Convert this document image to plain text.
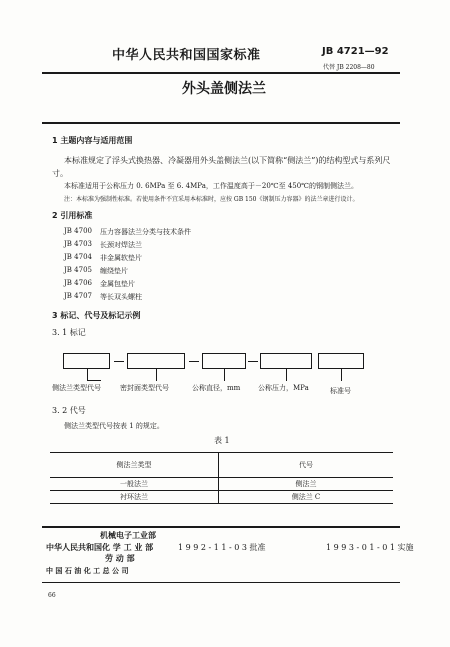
中华人民共和国国家标准	JB 4721—92
代替 JB 2208—80
外头盖侧法兰
1 主题内容与适用范围
本标准规定了浮头式换热器、冷凝器用外头盖侧法兰(以下简称“侧法兰”)的结构型式与系列尺
寸。
本标准适用于公称压力 0. 6MPa 至 6. 4MPa，工作温度高于－20℃至 450℃的钢制侧法兰。
注：本标准为强制性标准。若使用条件不宜采用本标准时，应按 GB 150《钢制压力容器》的法兰章进行设计。
2 引用标准
JB 4700 压力容器法兰分类与技术条件
JB 4703 长颈对焊法兰
JB 4704 非金属软垫片
JB 4705 缠绕垫片
JB 4706 金属包垫片
JB 4707 等长双头螺柱
3 标记、代号及标记示例
3. 1 标记
侧法兰类型代号	密封面类型代号	公称直径，mm	公称压力，MPa	标准号
3. 2 代号
侧法兰类型代号按表 1 的规定。
表 1
侧法兰类型	代号
一般法兰	侧法兰
衬环法兰	侧法兰 C
机械电子工业部
中华人民共和国化 学 工 业 部
劳 动 部
中 国 石 油 化 工 总 公 司
1 9 9 2 - 1 1 - 0 3 批准	1 9 9 3 - 0 1 - 0 1 实施
66
